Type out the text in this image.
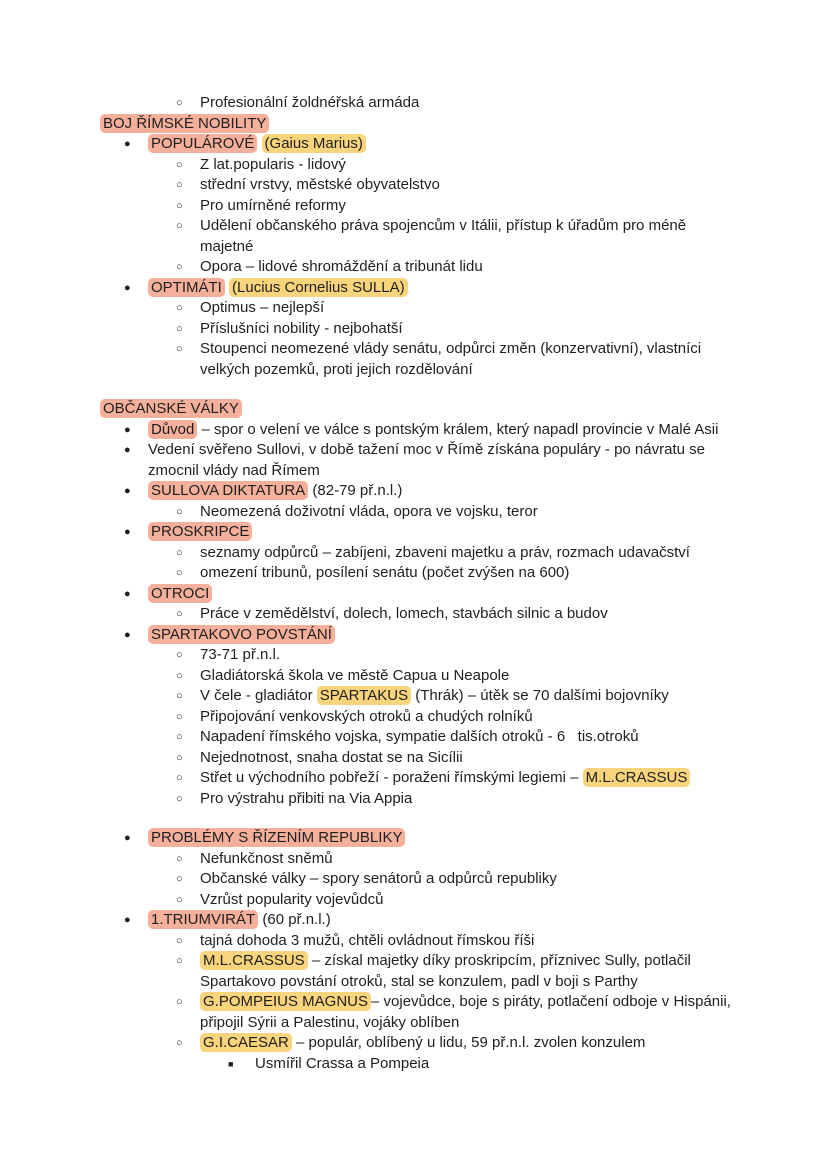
○	Profesionální žoldnéřská armáda
BOJ ŘÍMSKÉ NOBILITY
●	POPULÁROVÉ (Gaius Marius)
○	Z lat.popularis - lidový
○	střední vrstvy, městské obyvatelstvo
○	Pro umírněné reformy
○	Udělení občanského práva spojencům v Itálii, přístup k úřadům pro méně majetné
○	Opora – lidové shromáždění a tribunát lidu
●	OPTIMÁTI (Lucius Cornelius SULLA)
○	Optimus – nejlepší
○	Příslušníci nobility - nejbohatší
○	Stoupenci neomezené vlády senátu, odpůrci změn (konzervativní), vlastníci velkých pozemků, proti jejich rozdělování
OBČANSKÉ VÁLKY
●	Důvod – spor o velení ve válce s pontským králem, který napadl provincie v Malé Asii
●	Vedení svěřeno Sullovi, v době tažení moc v Římě získána populáry - po návratu se zmocnil vlády nad Římem
●	SULLOVA DIKTATURA (82-79 př.n.l.)
○	Neomezená doživotní vláda, opora ve vojsku, teror
●	PROSKRIPCE
○	seznamy odpůrců – zabíjeni, zbaveni majetku a práv, rozmach udavačství
○	omezení tribunů, posílení senátu (počet zvýšen na 600)
●	OTROCI
○	Práce v zemědělství, dolech, lomech, stavbách silnic a budov
●	SPARTAKOVO POVSTÁNÍ
○	73-71 př.n.l.
○	Gladiátorská škola ve městě Capua u Neapole
○	V čele - gladiátor SPARTAKUS (Thrák) – útěk se 70 dalšími bojovníky
○	Připojování venkovských otroků a chudých rolníků
○	Napadení římského vojska, sympatie dalších otroků - 6   tis.otroků
○	Nejednotnost, snaha dostat se na Sicílii
○	Střet u východního pobřeží - poraženi římskými legiemi – M.L.CRASSUS
○	Pro výstrahu přibiti na Via Appia
●	PROBLÉMY S ŘÍZENÍM REPUBLIKY
○	Nefunkčnost sněmů
○	Občanské války – spory senátorů a odpůrců republiky
○	Vzrůst popularity vojevůdců
●	1.TRIUMVIRÁT (60 př.n.l.)
○	tajná dohoda 3 mužů, chtěli ovládnout římskou říši
○	M.L.CRASSUS – získal majetky díky proskripcím, příznivec Sully, potlačil Spartakovo povstání otroků, stal se konzulem, padl v boji s Parthy
○	G.POMPEIUS MAGNUS – vojevůdce, boje s piráty, potlačení odboje v Hispánii, připojil Sýrii a Palestinu, vojáky oblíben
○	G.I.CAESAR – populár, oblíbený u lidu, 59 př.n.l. zvolen konzulem
■	Usmířil Crassa a Pompeia
